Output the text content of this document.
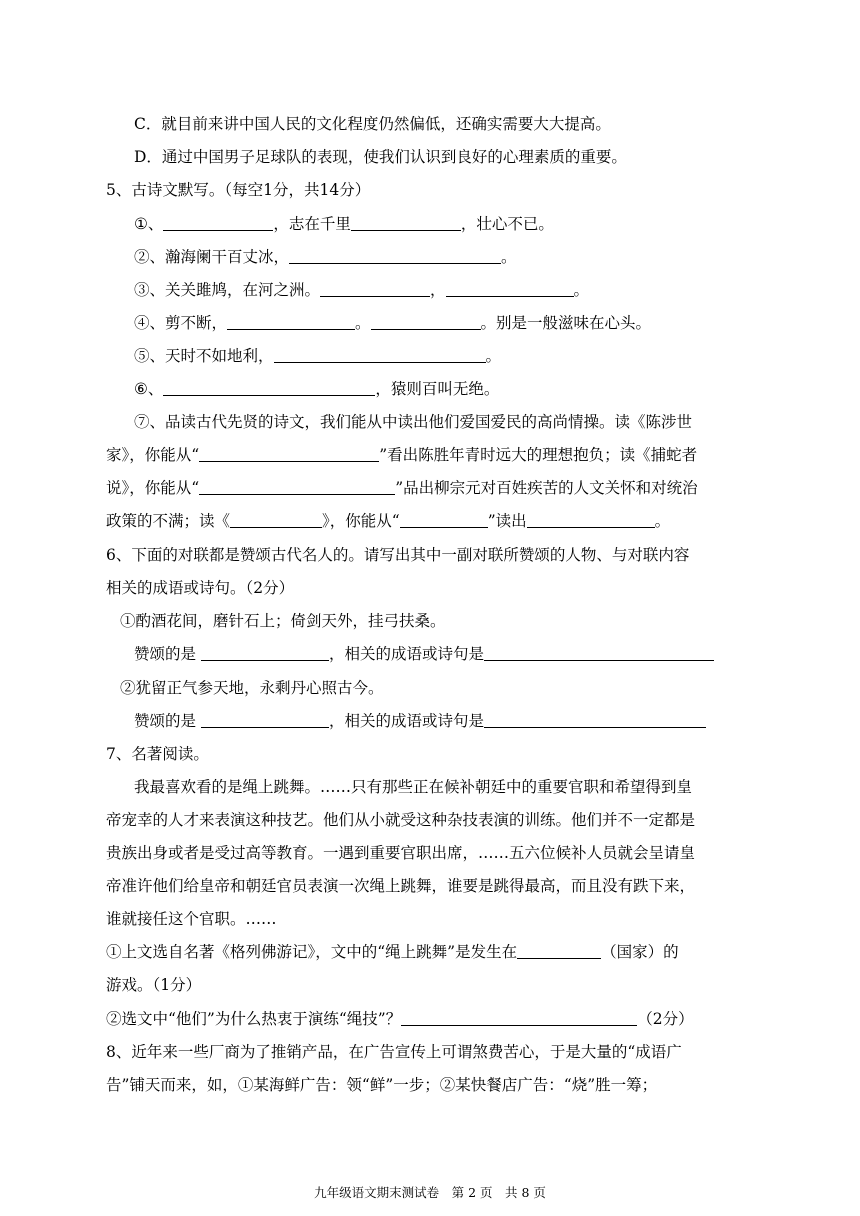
C．就目前来讲中国人民的文化程度仍然偏低，还确实需要大大提高。
D．通过中国男子足球队的表现，使我们认识到良好的心理素质的重要。
5、古诗文默写。（每空1分，共14分）
①、	，志在千里	，壮心不已。
②、瀚海阑干百丈冰，	。
③、关关雎鸠，在河之洲。	，	。
④、剪不断，	。	。别是一般滋味在心头。
⑤、天时不如地利，	。
⑥、	，猿则百叫无绝。
⑦、品读古代先贤的诗文，我们能从中读出他们爱国爱民的高尚情操。读《陈涉世
家》，你能从“	”看出陈胜年青时远大的理想抱负；读《捕蛇者
说》，你能从“	”品出柳宗元对百姓疾苦的人文关怀和对统治
政策的不满；读《	》，你能从“	”读出	。
6、下面的对联都是赞颂古代名人的。请写出其中一副对联所赞颂的人物、与对联内容
相关的成语或诗句。（2分）
①酌酒花间，磨针石上；倚剑天外，挂弓扶桑。
赞颂的是	，相关的成语或诗句是
②犹留正气参天地，永剩丹心照古今。
赞颂的是	，相关的成语或诗句是
7、名著阅读。
我最喜欢看的是绳上跳舞。……只有那些正在候补朝廷中的重要官职和希望得到皇
帝宠幸的人才来表演这种技艺。他们从小就受这种杂技表演的训练。他们并不一定都是
贵族出身或者是受过高等教育。一遇到重要官职出席，……五六位候补人员就会呈请皇
帝准许他们给皇帝和朝廷官员表演一次绳上跳舞，谁要是跳得最高，而且没有跌下来，
谁就接任这个官职。……
①上文选自名著《格列佛游记》，文中的“绳上跳舞”是发生在	（国家）的
游戏。（1分）
②选文中“他们”为什么热衷于演练“绳技”？	（2分）
8、近年来一些厂商为了推销产品，在广告宣传上可谓煞费苦心，于是大量的“成语广
告”铺天而来，如，①某海鲜广告：领“鲜”一步；②某快餐店广告：“烧”胜一筹；
九年级语文期末测试卷　第 2 页　共 8 页
